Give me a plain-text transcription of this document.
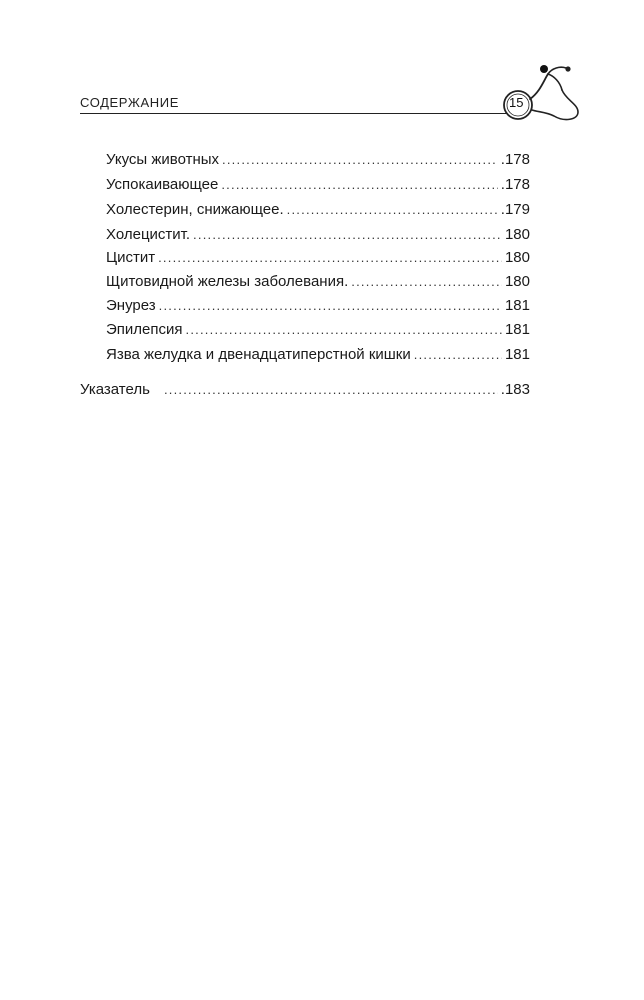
СОДЕРЖАНИЕ	15
Укусы животных . . .	.178
Успокаивающее . . .	.178
Холестерин, снижающее. . . .	.179
Холецистит. . . .	180
Цистит . . .	180
Щитовидной железы заболевания. . . .	180
Энурез . . .	181
Эпилепсия . . .	181
Язва желудка и двенадцатиперстной кишки . . .	181
Указатель . . .	.183
